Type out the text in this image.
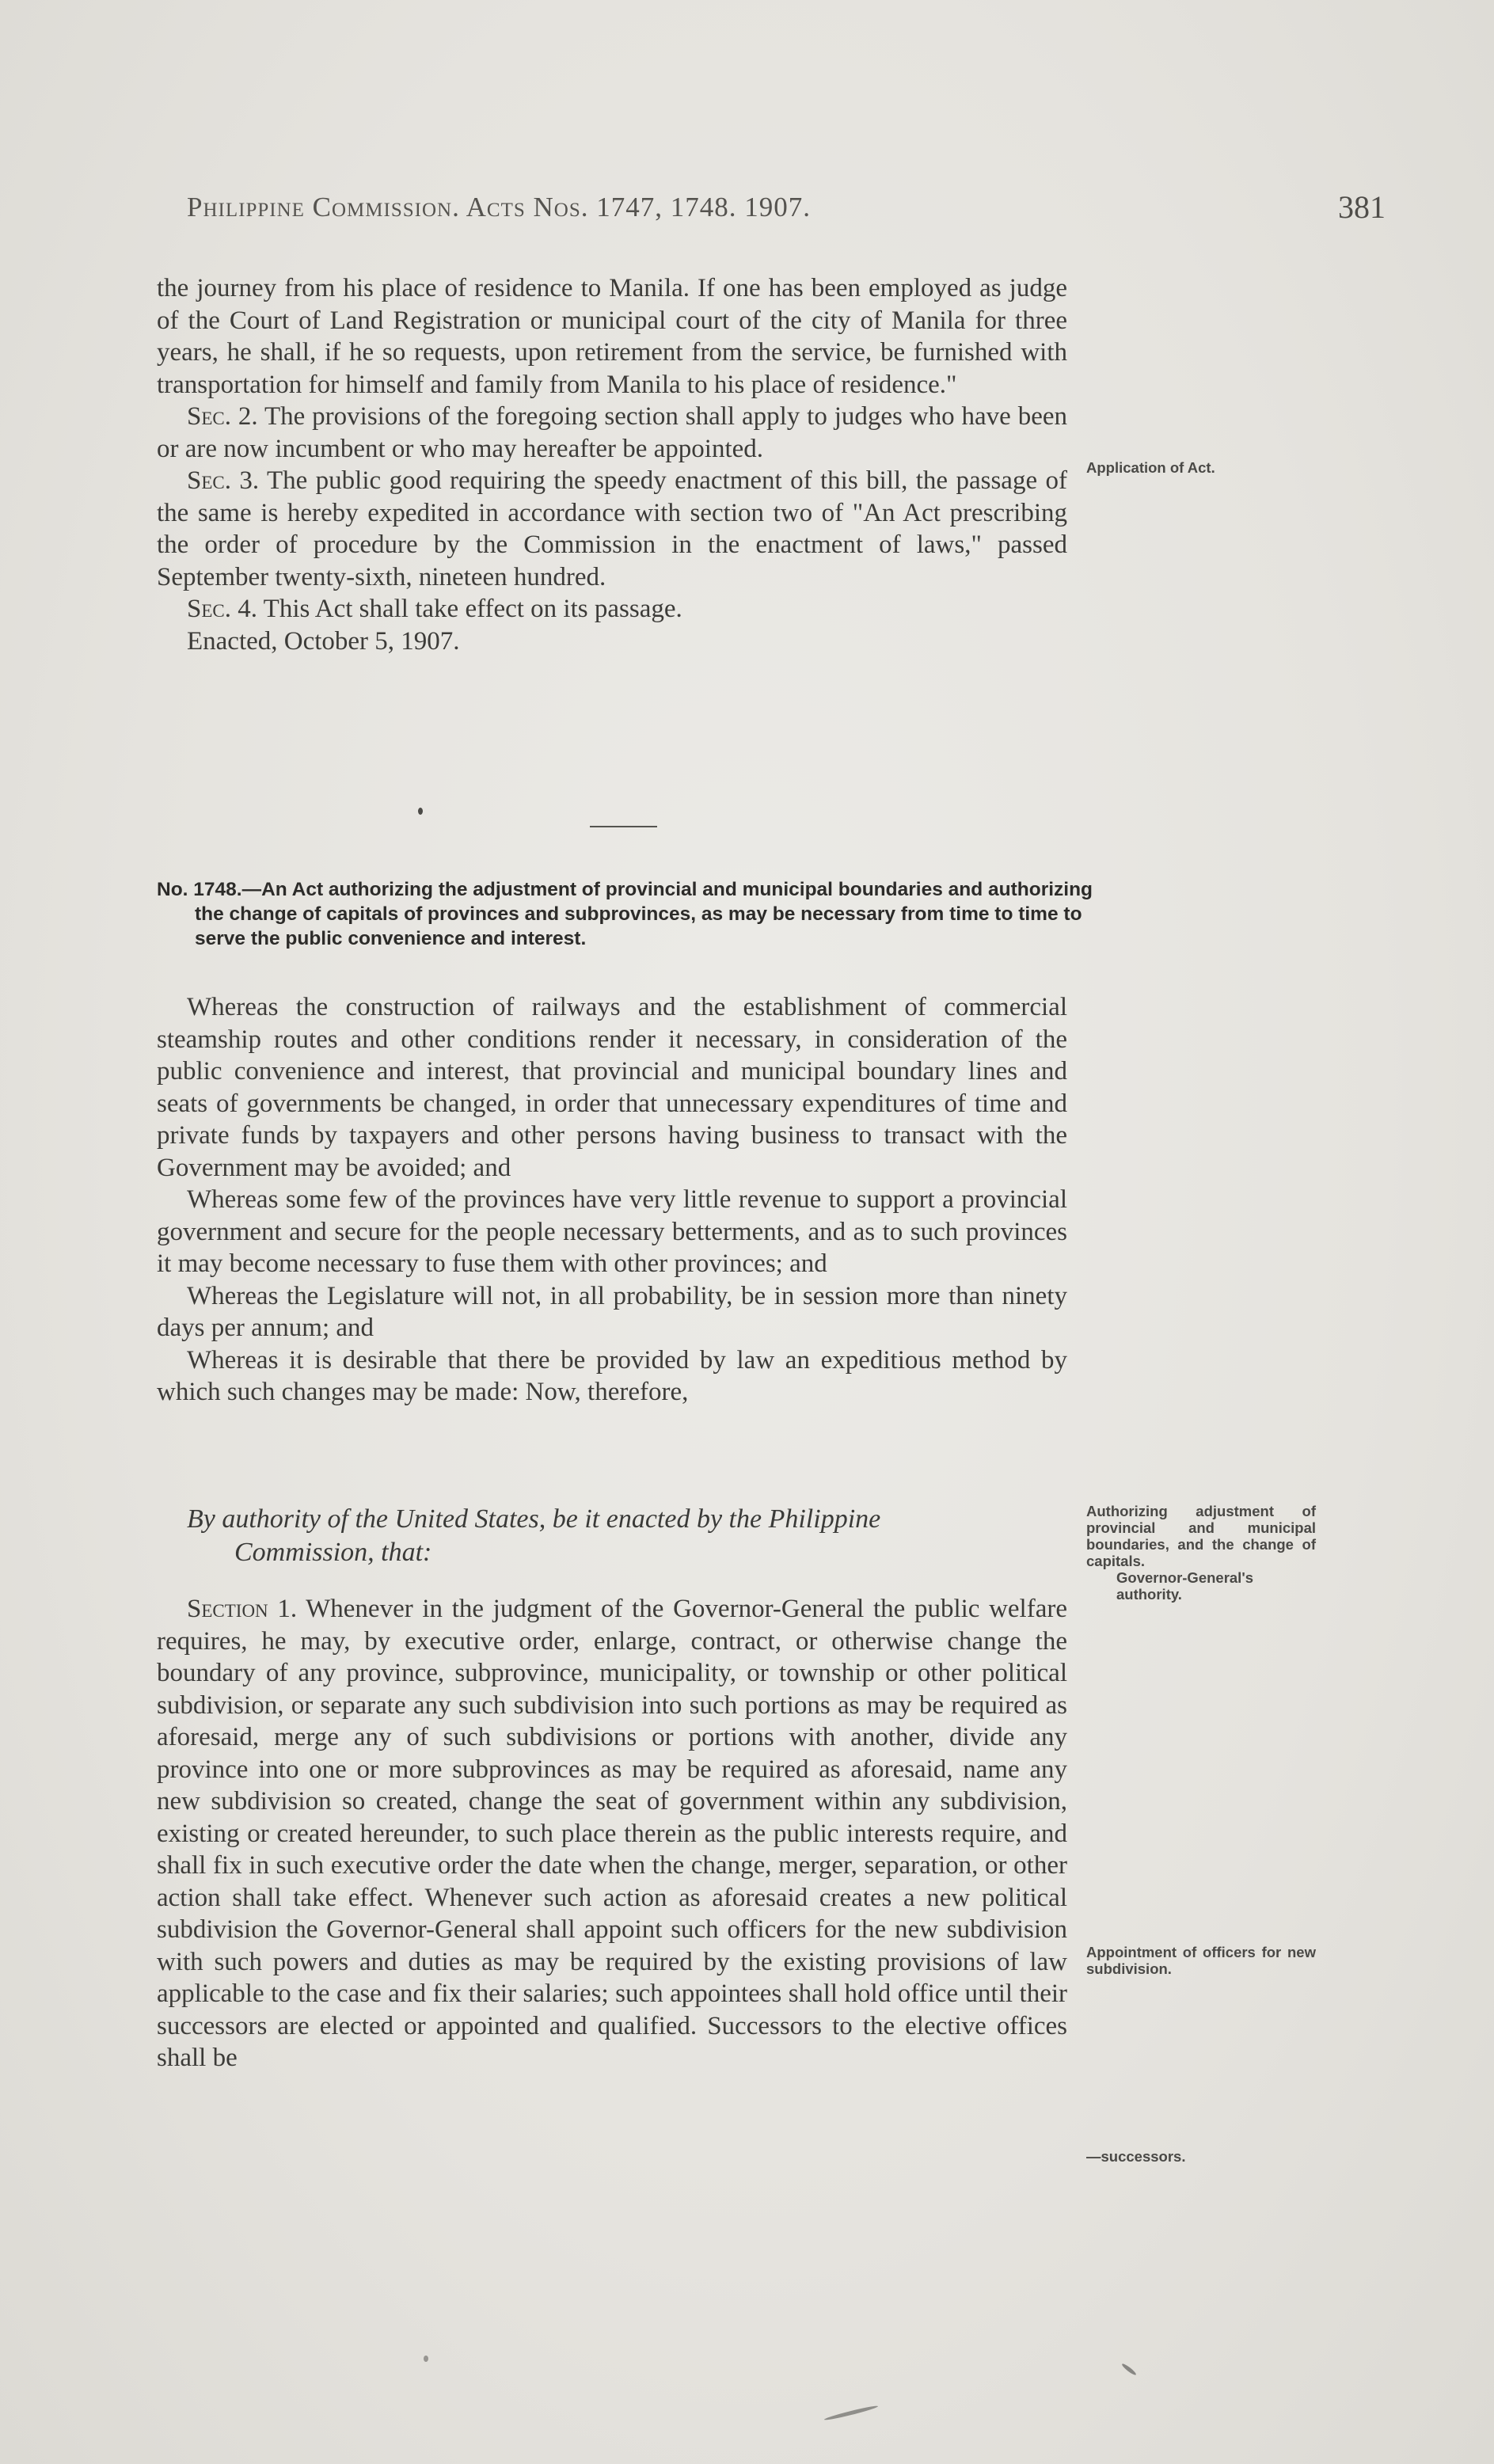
Philippine Commission. Acts Nos. 1747, 1748. 1907.	381

the journey from his place of residence to Manila. If one has been employed as judge of the Court of Land Registration or municipal court of the city of Manila for three years, he shall, if he so requests, upon retirement from the service, be furnished with transportation for himself and family from Manila to his place of residence."

Sec. 2. The provisions of the foregoing section shall apply to judges who have been or are now incumbent or who may hereafter be appointed.

Sec. 3. The public good requiring the speedy enactment of this bill, the passage of the same is hereby expedited in accordance with section two of "An Act prescribing the order of procedure by the Commission in the enactment of laws," passed September twenty-sixth, nineteen hundred.

Sec. 4. This Act shall take effect on its passage.

Enacted, October 5, 1907.

No. 1748.—An Act authorizing the adjustment of provincial and municipal boundaries and authorizing the change of capitals of provinces and subprovinces, as may be necessary from time to time to serve the public convenience and interest.

Whereas the construction of railways and the establishment of commercial steamship routes and other conditions render it necessary, in consideration of the public convenience and interest, that provincial and municipal boundary lines and seats of governments be changed, in order that unnecessary expenditures of time and private funds by taxpayers and other persons having business to transact with the Government may be avoided; and

Whereas some few of the provinces have very little revenue to support a provincial government and secure for the people necessary betterments, and as to such provinces it may become necessary to fuse them with other provinces; and

Whereas the Legislature will not, in all probability, be in session more than ninety days per annum; and

Whereas it is desirable that there be provided by law an expeditious method by which such changes may be made: Now, therefore,

By authority of the United States, be it enacted by the Philippine
Commission, that:

Section 1. Whenever in the judgment of the Governor-General the public welfare requires, he may, by executive order, enlarge, contract, or otherwise change the boundary of any province, subprovince, municipality, or township or other political subdivision, or separate any such subdivision into such portions as may be required as aforesaid, merge any of such subdivisions or portions with another, divide any province into one or more subprovinces as may be required as aforesaid, name any new subdivision so created, change the seat of government within any subdivision, existing or created hereunder, to such place therein as the public interests require, and shall fix in such executive order the date when the change, merger, separation, or other action shall take effect. Whenever such action as aforesaid creates a new political subdivision the Governor-General shall appoint such officers for the new subdivision with such powers and duties as may be required by the existing provisions of law applicable to the case and fix their salaries; such appointees shall hold office until their successors are elected or appointed and qualified. Successors to the elective offices shall be

Application of Act.
Authorizing adjustment of provincial and municipal boundaries, and the change of capitals.
Governor-General's authority.
Appointment of officers for new subdivision.
—successors.
